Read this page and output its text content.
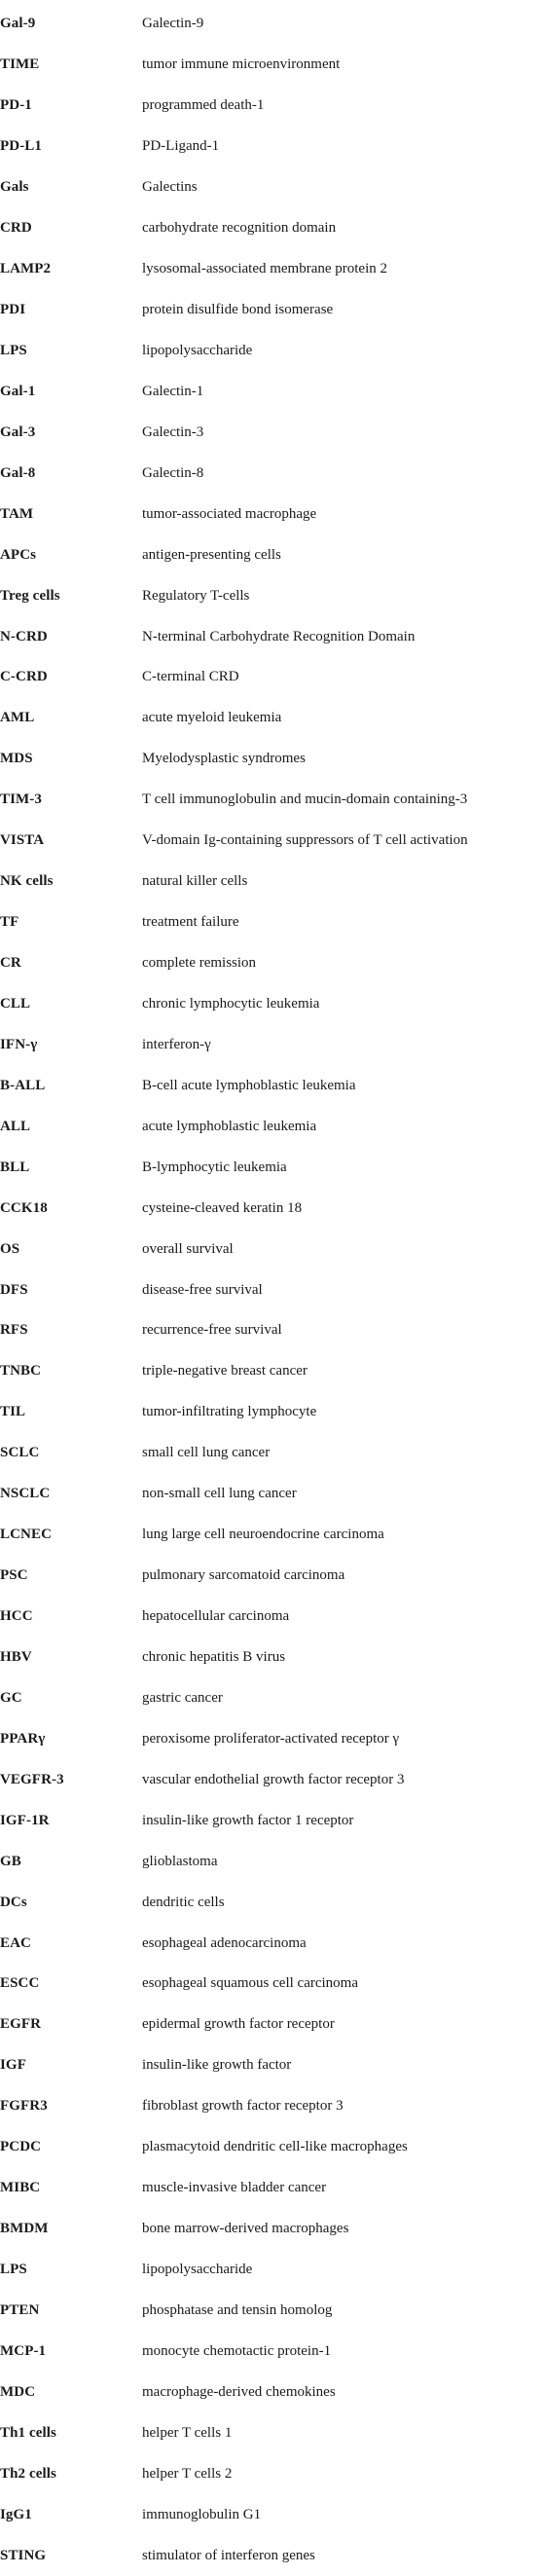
Gal-9	Galectin-9
TIME	tumor immune microenvironment
PD-1	programmed death-1
PD-L1	PD-Ligand-1
Gals	Galectins
CRD	carbohydrate recognition domain
LAMP2	lysosomal-associated membrane protein 2
PDI	protein disulfide bond isomerase
LPS	lipopolysaccharide
Gal-1	Galectin-1
Gal-3	Galectin-3
Gal-8	Galectin-8
TAM	tumor-associated macrophage
APCs	antigen-presenting cells
Treg cells	Regulatory T-cells
N-CRD	N-terminal Carbohydrate Recognition Domain
C-CRD	C-terminal CRD
AML	acute myeloid leukemia
MDS	Myelodysplastic syndromes
TIM-3	T cell immunoglobulin and mucin-domain containing-3
VISTA	V-domain Ig-containing suppressors of T cell activation
NK cells	natural killer cells
TF	treatment failure
CR	complete remission
CLL	chronic lymphocytic leukemia
IFN-γ	interferon-γ
B-ALL	B-cell acute lymphoblastic leukemia
ALL	acute lymphoblastic leukemia
BLL	B-lymphocytic leukemia
CCK18	cysteine-cleaved keratin 18
OS	overall survival
DFS	disease-free survival
RFS	recurrence-free survival
TNBC	triple-negative breast cancer
TIL	tumor-infiltrating lymphocyte
SCLC	small cell lung cancer
NSCLC	non-small cell lung cancer
LCNEC	lung large cell neuroendocrine carcinoma
PSC	pulmonary sarcomatoid carcinoma
HCC	hepatocellular carcinoma
HBV	chronic hepatitis B virus
GC	gastric cancer
PPARγ	peroxisome proliferator-activated receptor γ
VEGFR-3	vascular endothelial growth factor receptor 3
IGF-1R	insulin-like growth factor 1 receptor
GB	glioblastoma
DCs	dendritic cells
EAC	esophageal adenocarcinoma
ESCC	esophageal squamous cell carcinoma
EGFR	epidermal growth factor receptor
IGF	insulin-like growth factor
FGFR3	fibroblast growth factor receptor 3
PCDC	plasmacytoid dendritic cell-like macrophages
MIBC	muscle-invasive bladder cancer
BMDM	bone marrow-derived macrophages
LPS	lipopolysaccharide
PTEN	phosphatase and tensin homolog
MCP-1	monocyte chemotactic protein-1
MDC	macrophage-derived chemokines
Th1 cells	helper T cells 1
Th2 cells	helper T cells 2
IgG1	immunoglobulin G1
STING	stimulator of interferon genes
